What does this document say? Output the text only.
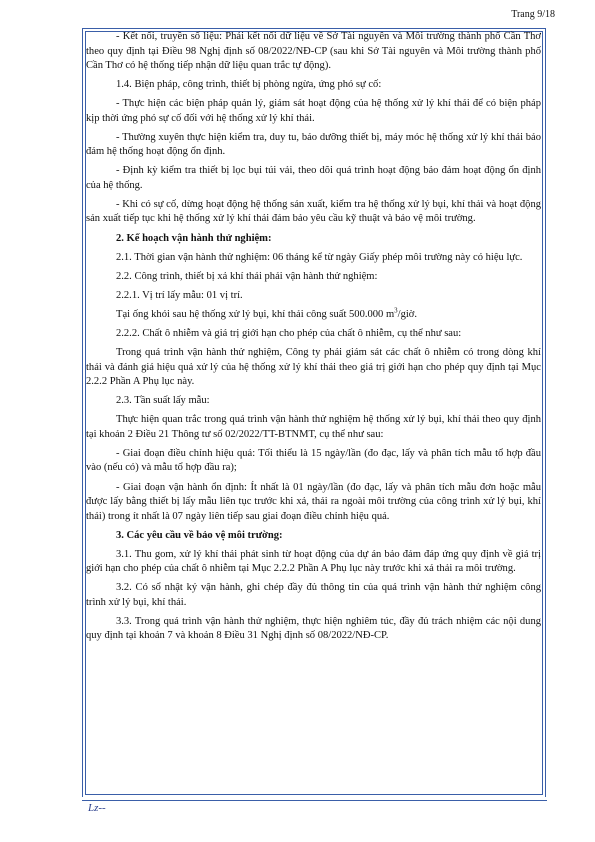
Trang 9/18

- Kết nối, truyền số liệu: Phải kết nối dữ liệu về Sở Tài nguyên và Môi trường thành phố Cần Thơ theo quy định tại Điều 98 Nghị định số 08/2022/NĐ-CP (sau khi Sở Tài nguyên và Môi trường thành phố Cần Thơ có hệ thống tiếp nhận dữ liệu quan trắc tự động).

1.4. Biện pháp, công trình, thiết bị phòng ngừa, ứng phó sự cố:

- Thực hiện các biện pháp quản lý, giám sát hoạt động của hệ thống xử lý khí thải để có biện pháp kịp thời ứng phó sự cố đối với hệ thống xử lý khí thải.

- Thường xuyên thực hiện kiểm tra, duy tu, bảo dưỡng thiết bị, máy móc hệ thống xử lý khí thải bảo đảm hệ thống hoạt động ổn định.

- Định kỳ kiểm tra thiết bị lọc bụi túi vải, theo dõi quá trình hoạt động bảo đảm hoạt động ổn định của hệ thống.

- Khi có sự cố, dừng hoạt động hệ thống sản xuất, kiểm tra hệ thống xử lý bụi, khí thải và hoạt động sản xuất tiếp tục khi hệ thống xử lý khí thải đảm bảo yêu cầu kỹ thuật và bảo vệ môi trường.

2. Kế hoạch vận hành thử nghiệm:

2.1. Thời gian vận hành thử nghiệm: 06 tháng kể từ ngày Giấy phép môi trường này có hiệu lực.

2.2. Công trình, thiết bị xả khí thải phải vận hành thử nghiệm:

2.2.1. Vị trí lấy mẫu: 01 vị trí.

Tại ống khói sau hệ thống xử lý bụi, khí thải công suất 500.000 $m^3$/giờ.

2.2.2. Chất ô nhiễm và giá trị giới hạn cho phép của chất ô nhiễm, cụ thể như sau:

Trong quá trình vận hành thử nghiệm, Công ty phải giám sát các chất ô nhiễm có trong dòng khí thải và đánh giá hiệu quả xử lý của hệ thống xử lý khí thải theo giá trị giới hạn cho phép quy định tại Mục 2.2.2 Phần A Phụ lục này.

2.3. Tần suất lấy mẫu:

Thực hiện quan trắc trong quá trình vận hành thử nghiệm hệ thống xử lý bụi, khí thải theo quy định tại khoản 2 Điều 21 Thông tư số 02/2022/TT-BTNMT, cụ thể như sau:

- Giai đoạn điều chỉnh hiệu quả: Tối thiểu là 15 ngày/lần (đo đạc, lấy và phân tích mẫu tổ hợp đầu vào (nếu có) và mẫu tổ hợp đầu ra);

- Giai đoạn vận hành ổn định: Ít nhất là 01 ngày/lần (đo đạc, lấy và phân tích mẫu đơn hoặc mẫu được lấy bằng thiết bị lấy mẫu liên tục trước khi xả, thải ra ngoài môi trường của công trình xử lý bụi, khí thải) trong ít nhất là 07 ngày liên tiếp sau giai đoạn điều chỉnh hiệu quả.

3. Các yêu cầu về bảo vệ môi trường:

3.1. Thu gom, xử lý khí thải phát sinh từ hoạt động của dự án bảo đảm đáp ứng quy định về giá trị giới hạn cho phép của chất ô nhiễm tại Mục 2.2.2 Phần A Phụ lục này trước khi xả thải ra môi trường.

3.2. Có sổ nhật ký vận hành, ghi chép đầy đủ thông tin của quá trình vận hành thử nghiệm công trình xử lý bụi, khí thải.

3.3. Trong quá trình vận hành thử nghiệm, thực hiện nghiêm túc, đầy đủ trách nhiệm các nội dung quy định tại khoản 7 và khoản 8 Điều 31 Nghị định số 08/2022/NĐ-CP.

Lz--
